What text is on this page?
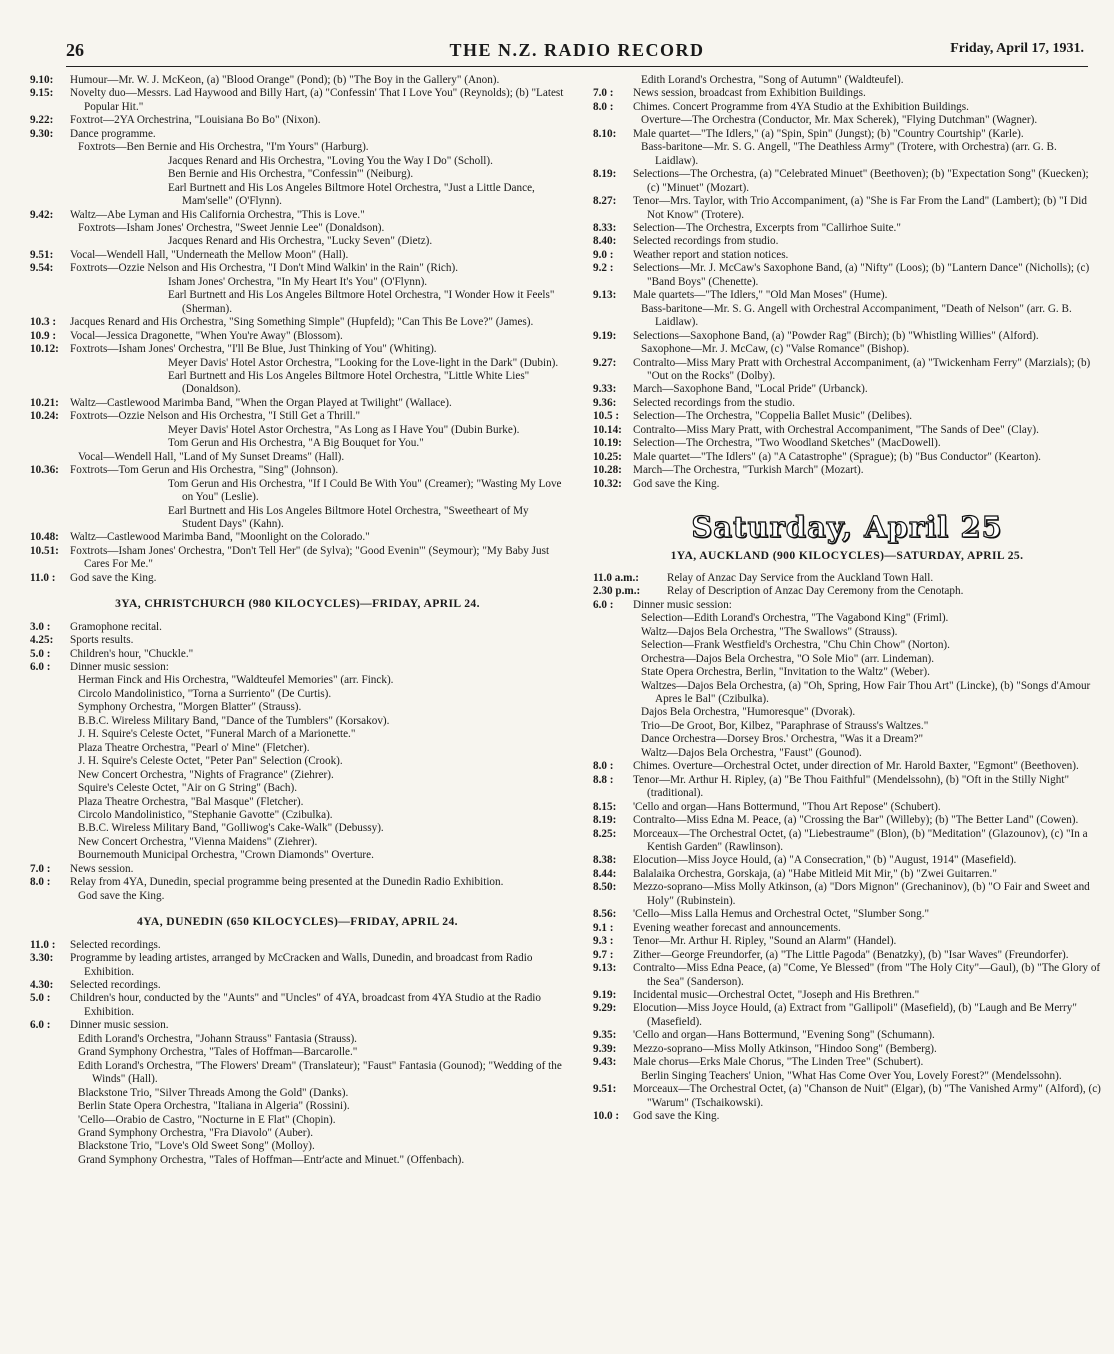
26	THE N.Z. RADIO RECORD	Friday, April 17, 1931.
9.10:	Humour—Mr. W. J. McKeon, (a) "Blood Orange" (Pond); (b) "The Boy in the Gallery" (Anon).
9.15:	Novelty duo—Messrs. Lad Haywood and Billy Hart, (a) "Confessin' That I Love You" (Reynolds); (b) "Latest Popular Hit."
9.22:	Foxtrot—2YA Orchestrina, "Louisiana Bo Bo" (Nixon).
9.30:	Dance programme.
Foxtrots—Ben Bernie and His Orchestra, "I'm Yours" (Harburg).
Jacques Renard and His Orchestra, "Loving You the Way I Do" (Scholl).
Ben Bernie and His Orchestra, "Confessin'" (Neiburg).
Earl Burtnett and His Los Angeles Biltmore Hotel Orchestra, "Just a Little Dance, Mam'selle" (O'Flynn).
9.42:	Waltz—Abe Lyman and His California Orchestra, "This is Love."
Foxtrots—Isham Jones' Orchestra, "Sweet Jennie Lee" (Donaldson).
Jacques Renard and His Orchestra, "Lucky Seven" (Dietz).
9.51:	Vocal—Wendell Hall, "Underneath the Mellow Moon" (Hall).
9.54:	Foxtrots—Ozzie Nelson and His Orchestra, "I Don't Mind Walkin' in the Rain" (Rich).
Isham Jones' Orchestra, "In My Heart It's You" (O'Flynn).
Earl Burtnett and His Los Angeles Biltmore Hotel Orchestra, "I Wonder How it Feels" (Sherman).
10.3 :	Jacques Renard and His Orchestra, "Sing Something Simple" (Hupfeld); "Can This Be Love?" (James).
10.9 :	Vocal—Jessica Dragonette, "When You're Away" (Blossom).
10.12: Foxtrots—Isham Jones' Orchestra, "I'll Be Blue, Just Thinking of You" (Whiting).
Meyer Davis' Hotel Astor Orchestra, "Looking for the Love-light in the Dark" (Dubin).
Earl Burtnett and His Los Angeles Biltmore Hotel Orchestra, "Little White Lies" (Donaldson).
10.21: Waltz—Castlewood Marimba Band, "When the Organ Played at Twilight" (Wallace).
10.24: Foxtrots—Ozzie Nelson and His Orchestra, "I Still Get a Thrill."
Meyer Davis' Hotel Astor Orchestra, "As Long as I Have You" (Dubin Burke).
Tom Gerun and His Orchestra, "A Big Bouquet for You."
Vocal—Wendell Hall, "Land of My Sunset Dreams" (Hall).
10.36: Foxtrots—Tom Gerun and His Orchestra, "Sing" (Johnson).
Tom Gerun and His Orchestra, "If I Could Be With You" (Creamer); "Wasting My Love on You" (Leslie).
Earl Burtnett and His Los Angeles Biltmore Hotel Orchestra, "Sweetheart of My Student Days" (Kahn).
10.48: Waltz—Castlewood Marimba Band, "Moonlight on the Colorado."
10.51: Foxtrots—Isham Jones' Orchestra, "Don't Tell Her" (de Sylva); "Good Evenin'" (Seymour); "My Baby Just Cares For Me."
11.0 :	God save the King.
3YA, CHRISTCHURCH (980 KILOCYCLES)—FRIDAY, APRIL 24.
3.0 :	Gramophone recital.
4.25:	Sports results.
5.0 :	Children's hour, "Chuckle."
6.0 :	Dinner music session:
Herman Finck and His Orchestra, "Waldteufel Memories" (arr. Finck).
Circolo Mandolinistico, "Torna a Surriento" (De Curtis).
Symphony Orchestra, "Morgen Blatter" (Strauss).
B.B.C. Wireless Military Band, "Dance of the Tumblers" (Korsakov).
J. H. Squire's Celeste Octet, "Funeral March of a Marionette."
Plaza Theatre Orchestra, "Pearl o' Mine" (Fletcher).
J. H. Squire's Celeste Octet, "Peter Pan" Selection (Crook).
New Concert Orchestra, "Nights of Fragrance" (Ziehrer).
Squire's Celeste Octet, "Air on G String" (Bach).
Plaza Theatre Orchestra, "Bal Masque" (Fletcher).
Circolo Mandolinistico, "Stephanie Gavotte" (Czibulka).
B.B.C. Wireless Military Band, "Golliwog's Cake-Walk" (Debussy).
New Concert Orchestra, "Vienna Maidens" (Ziehrer).
Bournemouth Municipal Orchestra, "Crown Diamonds" Overture.
7.0 :	News session.
8.0 :	Relay from 4YA, Dunedin, special programme being presented at the Dunedin Radio Exhibition.
God save the King.
4YA, DUNEDIN (650 KILOCYCLES)—FRIDAY, APRIL 24.
11.0 :	Selected recordings.
3.30:	Programme by leading artistes, arranged by McCracken and Walls, Dunedin, and broadcast from Radio Exhibition.
4.30:	Selected recordings.
5.0 :	Children's hour, conducted by the "Aunts" and "Uncles" of 4YA, broadcast from 4YA Studio at the Radio Exhibition.
6.0 :	Dinner music session.
Edith Lorand's Orchestra, "Johann Strauss" Fantasia (Strauss).
Grand Symphony Orchestra, "Tales of Hoffman—Barcarolle."
Edith Lorand's Orchestra, "The Flowers' Dream" (Translateur); "Faust" Fantasia (Gounod); "Wedding of the Winds" (Hall).
Blackstone Trio, "Silver Threads Among the Gold" (Danks).
Berlin State Opera Orchestra, "Italiana in Algeria" (Rossini).
'Cello—Orabio de Castro, "Nocturne in E Flat" (Chopin).
Grand Symphony Orchestra, "Fra Diavolo" (Auber).
Blackstone Trio, "Love's Old Sweet Song" (Molloy).
Grand Symphony Orchestra, "Tales of Hoffman—Entr'acte and Minuet." (Offenbach).
Edith Lorand's Orchestra, "Song of Autumn" (Waldteufel).
7.0 :	News session, broadcast from Exhibition Buildings.
8.0 :	Chimes. Concert Programme from 4YA Studio at the Exhibition Buildings.
Overture—The Orchestra (Conductor, Mr. Max Scherek), "Flying Dutchman" (Wagner).
8.10:	Male quartet—"The Idlers," (a) "Spin, Spin" (Jungst); (b) "Country Courtship" (Karle).
Bass-baritone—Mr. S. G. Angell, "The Deathless Army" (Trotere, with Orchestra) (arr. G. B. Laidlaw).
8.19:	Selections—The Orchestra, (a) "Celebrated Minuet" (Beethoven); (b) "Expectation Song" (Kuecken); (c) "Minuet" (Mozart).
8.27:	Tenor—Mrs. Taylor, with Trio Accompaniment, (a) "She is Far From the Land" (Lambert); (b) "I Did Not Know" (Trotere).
8.33:	Selection—The Orchestra, Excerpts from "Callirhoe Suite."
8.40:	Selected recordings from studio.
9.0 :	Weather report and station notices.
9.2 :	Selections—Mr. J. McCaw's Saxophone Band, (a) "Nifty" (Loos); (b) "Lantern Dance" (Nicholls); (c) "Band Boys" (Chenette).
9.13:	Male quartets—"The Idlers," "Old Man Moses" (Hume).
Bass-baritone—Mr. S. G. Angell with Orchestral Accompaniment, "Death of Nelson" (arr. G. B. Laidlaw).
9.19:	Selections—Saxophone Band, (a) "Powder Rag" (Birch); (b) "Whistling Willies" (Alford).
Saxophone—Mr. J. McCaw, (c) "Valse Romance" (Bishop).
9.27:	Contralto—Miss Mary Pratt with Orchestral Accompaniment, (a) "Twickenham Ferry" (Marzials); (b) "Out on the Rocks" (Dolby).
9.33:	March—Saxophone Band, "Local Pride" (Urbanck).
9.36:	Selected recordings from the studio.
10.5 :	Selection—The Orchestra, "Coppelia Ballet Music" (Delibes).
10.14: Contralto—Miss Mary Pratt, with Orchestral Accompaniment, "The Sands of Dee" (Clay).
10.19: Selection—The Orchestra, "Two Woodland Sketches" (MacDowell).
10.25: Male quartet—"The Idlers" (a) "A Catastrophe" (Sprague); (b) "Bus Conductor" (Kearton).
10.28: March—The Orchestra, "Turkish March" (Mozart).
10.32: God save the King.
Saturday, April 25
1YA, AUCKLAND (900 KILOCYCLES)—SATURDAY, APRIL 25.
11.0 a.m.:	Relay of Anzac Day Service from the Auckland Town Hall.
2.30 p.m.:	Relay of Description of Anzac Day Ceremony from the Cenotaph.
6.0 :	Dinner music session:
Selection—Edith Lorand's Orchestra, "The Vagabond King" (Friml).
Waltz—Dajos Bela Orchestra, "The Swallows" (Strauss).
Selection—Frank Westfield's Orchestra, "Chu Chin Chow" (Norton).
Orchestra—Dajos Bela Orchestra, "O Sole Mio" (arr. Lindeman).
State Opera Orchestra, Berlin, "Invitation to the Waltz" (Weber).
Waltzes—Dajos Bela Orchestra, (a) "Oh, Spring, How Fair Thou Art" (Lincke), (b) "Songs d'Amour Apres le Bal" (Czibulka).
Dajos Bela Orchestra, "Humoresque" (Dvorak).
Trio—De Groot, Bor, Kilbez, "Paraphrase of Strauss's Waltzes."
Dance Orchestra—Dorsey Bros.' Orchestra, "Was it a Dream?"
Waltz—Dajos Bela Orchestra, "Faust" (Gounod).
8.0 :	Chimes. Overture—Orchestral Octet, under direction of Mr. Harold Baxter, "Egmont" (Beethoven).
8.8 :	Tenor—Mr. Arthur H. Ripley, (a) "Be Thou Faithful" (Mendelssohn), (b) "Oft in the Stilly Night" (traditional).
8.15:	'Cello and organ—Hans Bottermund, "Thou Art Repose" (Schubert).
8.19:	Contralto—Miss Edna M. Peace, (a) "Crossing the Bar" (Willeby); (b) "The Better Land" (Cowen).
8.25:	Morceaux—The Orchestral Octet, (a) "Liebestraume" (Blon), (b) "Meditation" (Glazounov), (c) "In a Kentish Garden" (Rawlinson).
8.38:	Elocution—Miss Joyce Hould, (a) "A Consecration," (b) "August, 1914" (Masefield).
8.44:	Balalaika Orchestra, Gorskaja, (a) "Habe Mitleid Mit Mir," (b) "Zwei Guitarren."
8.50:	Mezzo-soprano—Miss Molly Atkinson, (a) "Dors Mignon" (Grechaninov), (b) "O Fair and Sweet and Holy" (Rubinstein).
8.56:	'Cello—Miss Lalla Hemus and Orchestral Octet, "Slumber Song."
9.1 :	Evening weather forecast and announcements.
9.3 :	Tenor—Mr. Arthur H. Ripley, "Sound an Alarm" (Handel).
9.7 :	Zither—George Freundorfer, (a) "The Little Pagoda" (Benatzky), (b) "Isar Waves" (Freundorfer).
9.13:	Contralto—Miss Edna Peace, (a) "Come, Ye Blessed" (from "The Holy City"—Gaul), (b) "The Glory of the Sea" (Sanderson).
9.19:	Incidental music—Orchestral Octet, "Joseph and His Brethren."
9.29:	Elocution—Miss Joyce Hould, (a) Extract from "Gallipoli" (Masefield), (b) "Laugh and Be Merry" (Masefield).
9.35:	'Cello and organ—Hans Bottermund, "Evening Song" (Schumann).
9.39:	Mezzo-soprano—Miss Molly Atkinson, "Hindoo Song" (Bemberg).
9.43:	Male chorus—Erks Male Chorus, "The Linden Tree" (Schubert).
Berlin Singing Teachers' Union, "What Has Come Over You, Lovely Forest?" (Mendelssohn).
9.51:	Morceaux—The Orchestral Octet, (a) "Chanson de Nuit" (Elgar), (b) "The Vanished Army" (Alford), (c) "Warum" (Tschaikowski).
10.0 :	God save the King.
